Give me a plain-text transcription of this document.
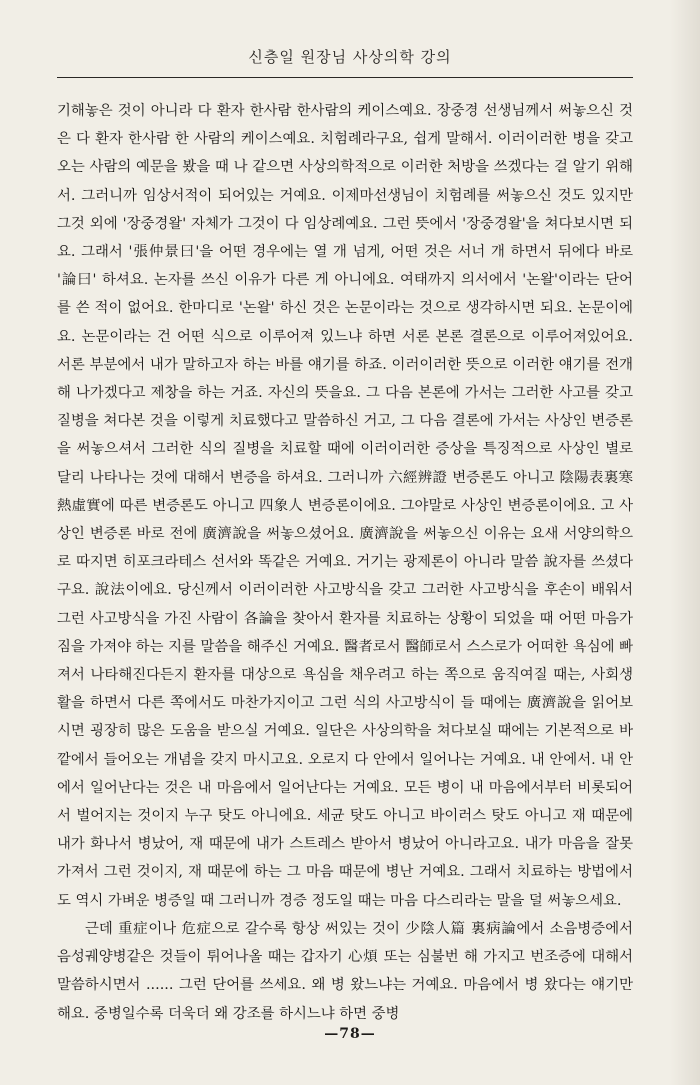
신층일 원장님 사상의학 강의

기해놓은 것이 아니라 다 환자 한사람 한사람의 케이스예요. 장중경 선생님께서 써놓으신 것은 다 환자 한사람 한 사람의 케이스예요. 치험례라구요, 쉽게 말해서. 이러이러한 병을 갖고 오는 사람의 예문을 봤을 때 나 같으면 사상의학적으로 이러한 처방을 쓰겠다는 걸 알기 위해서. 그러니까 임상서적이 되어있는 거예요. 이제마선생님이 치험례를 써놓으신 것도 있지만 그것 외에 '장중경왈' 자체가 그것이 다 임상례예요. 그런 뜻에서 '장중경왈'을 쳐다보시면 되요. 그래서 '張仲景曰'을 어떤 경우에는 열 개 넘게, 어떤 것은 서너 개 하면서 뒤에다 바로 '論曰' 하셔요. 논자를 쓰신 이유가 다른 게 아니에요. 여태까지 의서에서 '논왈'이라는 단어를 쓴 적이 없어요. 한마디로 '논왈' 하신 것은 논문이라는 것으로 생각하시면 되요. 논문이에요. 논문이라는 건 어떤 식으로 이루어져 있느냐 하면 서론 본론 결론으로 이루어져있어요. 서론 부분에서 내가 말하고자 하는 바를 얘기를 하죠. 이러이러한 뜻으로 이러한 얘기를 전개해 나가겠다고 제창을 하는 거죠. 자신의 뜻을요. 그 다음 본론에 가서는 그러한 사고를 갖고 질병을 쳐다본 것을 이렇게 치료했다고 말씀하신 거고, 그 다음 결론에 가서는 사상인 변증론을 써놓으셔서 그러한 식의 질병을 치료할 때에 이러이러한 증상을 특징적으로 사상인 별로 달리 나타나는 것에 대해서 변증을 하셔요. 그러니까 六經辨證 변증론도 아니고 陰陽表裏寒熱虛實에 따른 변증론도 아니고 四象人 변증론이에요. 그야말로 사상인 변증론이에요. 고 사상인 변증론 바로 전에 廣濟說을 써놓으셨어요. 廣濟說을 써놓으신 이유는 요새 서양의학으로 따지면 히포크라테스 선서와 똑같은 거예요. 거기는 광제론이 아니라 말씀 說자를 쓰셨다구요. 說法이에요. 당신께서 이러이러한 사고방식을 갖고 그러한 사고방식을 후손이 배워서 그런 사고방식을 가진 사람이 各論을 찾아서 환자를 치료하는 상황이 되었을 때 어떤 마음가짐을 가져야 하는 지를 말씀을 해주신 거예요. 醫者로서 醫師로서 스스로가 어떠한 욕심에 빠져서 나타해진다든지 환자를 대상으로 욕심을 채우려고 하는 쪽으로 움직여질 때는, 사회생활을 하면서 다른 쪽에서도 마찬가지이고 그런 식의 사고방식이 들 때에는 廣濟說을 읽어보시면 굉장히 많은 도움을 받으실 거예요. 일단은 사상의학을 쳐다보실 때에는 기본적으로 바깥에서 들어오는 개념을 갖지 마시고요. 오로지 다 안에서 일어나는 거예요. 내 안에서. 내 안에서 일어난다는 것은 내 마음에서 일어난다는 거예요. 모든 병이 내 마음에서부터 비롯되어서 벌어지는 것이지 누구 탓도 아니에요. 세균 탓도 아니고 바이러스 탓도 아니고 재 때문에 내가 화나서 병났어, 재 때문에 내가 스트레스 받아서 병났어 아니라고요. 내가 마음을 잘못 가져서 그런 것이지, 재 때문에 하는 그 마음 때문에 병난 거예요. 그래서 치료하는 방법에서도 역시 가벼운 병증일 때 그러니까 경증 정도일 때는 마음 다스리라는 말을 덜 써놓으세요.

근데 重症이나 危症으로 갈수록 항상 써있는 것이 少陰人篇 裏病論에서 소음병증에서 음성궤양병같은 것들이 튀어나올 때는 갑자기 心煩 또는 심불번 해 가지고 번조증에 대해서 말씀하시면서 ...... 그런 단어를 쓰세요. 왜 병 왔느냐는 거예요. 마음에서 병 왔다는 얘기만 해요. 중병일수록 더욱더 왜 강조를 하시느냐 하면 중병

—78—
